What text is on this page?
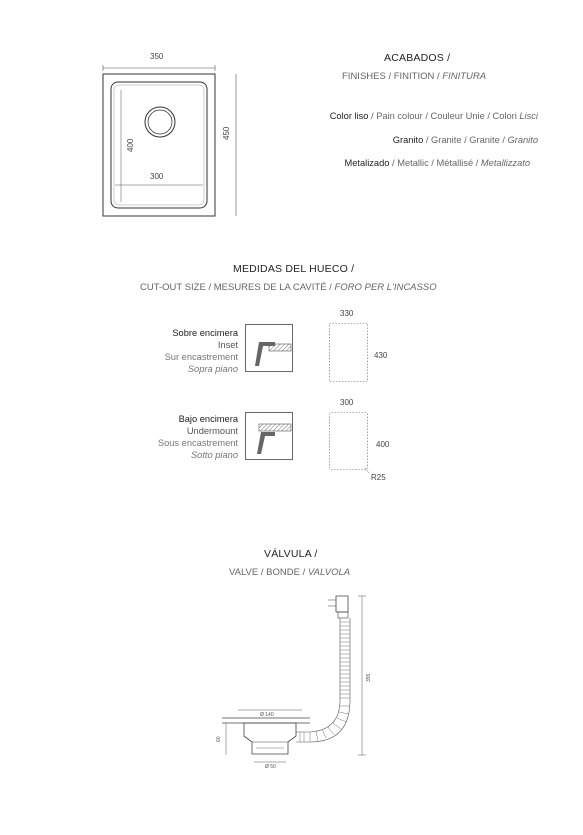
350
450
400
300
ACABADOS /
FINISHES / FINITION / FINITURA
Color liso / Pain colour / Couleur Unie / Colori Lisci
Granito / Granite / Granite / Granito
Metalizado / Metallic / Métallisé / Metallizzato
MEDIDAS DEL HUECO /
CUT-OUT SIZE / MESURES DE LA CAVITÉ / FORO PER L'INCASSO
Sobre encimera
Inset
Sur encastrement
Sopra piano
330
430
Bajo encimera
Undermount
Sous encastrement
Sotto piano
300
400
R25
VÁLVULA /
VALVE / BONDE / VALVOLA
Ø 140
Ø 50
60
355
